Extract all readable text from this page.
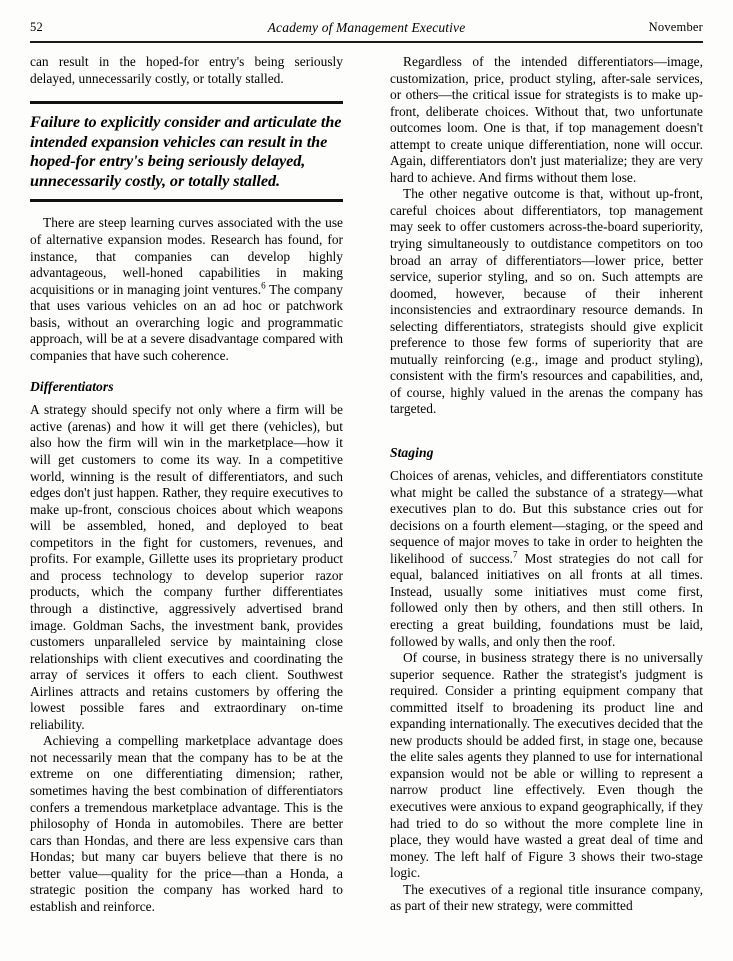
52	Academy of Management Executive	November

can result in the hoped-for entry's being seriously delayed, unnecessarily costly, or totally stalled.

Failure to explicitly consider and articulate the intended expansion vehicles can result in the hoped-for entry's being seriously delayed, unnecessarily costly, or totally stalled.

There are steep learning curves associated with the use of alternative expansion modes. Research has found, for instance, that companies can develop highly advantageous, well-honed capabilities in making acquisitions or in managing joint ventures.$^6$ The company that uses various vehicles on an ad hoc or patchwork basis, without an overarching logic and programmatic approach, will be at a severe disadvantage compared with companies that have such coherence.

Differentiators

A strategy should specify not only where a firm will be active (arenas) and how it will get there (vehicles), but also how the firm will win in the marketplace—how it will get customers to come its way. In a competitive world, winning is the result of differentiators, and such edges don't just happen. Rather, they require executives to make up-front, conscious choices about which weapons will be assembled, honed, and deployed to beat competitors in the fight for customers, revenues, and profits. For example, Gillette uses its proprietary product and process technology to develop superior razor products, which the company further differentiates through a distinctive, aggressively advertised brand image. Goldman Sachs, the investment bank, provides customers unparalleled service by maintaining close relationships with client executives and coordinating the array of services it offers to each client. Southwest Airlines attracts and retains customers by offering the lowest possible fares and extraordinary on-time reliability.

Achieving a compelling marketplace advantage does not necessarily mean that the company has to be at the extreme on one differentiating dimension; rather, sometimes having the best combination of differentiators confers a tremendous marketplace advantage. This is the philosophy of Honda in automobiles. There are better cars than Hondas, and there are less expensive cars than Hondas; but many car buyers believe that there is no better value—quality for the price—than a Honda, a strategic position the company has worked hard to establish and reinforce.

Regardless of the intended differentiators—image, customization, price, product styling, after-sale services, or others—the critical issue for strategists is to make up-front, deliberate choices. Without that, two unfortunate outcomes loom. One is that, if top management doesn't attempt to create unique differentiation, none will occur. Again, differentiators don't just materialize; they are very hard to achieve. And firms without them lose.

The other negative outcome is that, without up-front, careful choices about differentiators, top management may seek to offer customers across-the-board superiority, trying simultaneously to outdistance competitors on too broad an array of differentiators—lower price, better service, superior styling, and so on. Such attempts are doomed, however, because of their inherent inconsistencies and extraordinary resource demands. In selecting differentiators, strategists should give explicit preference to those few forms of superiority that are mutually reinforcing (e.g., image and product styling), consistent with the firm's resources and capabilities, and, of course, highly valued in the arenas the company has targeted.

Staging

Choices of arenas, vehicles, and differentiators constitute what might be called the substance of a strategy—what executives plan to do. But this substance cries out for decisions on a fourth element—staging, or the speed and sequence of major moves to take in order to heighten the likelihood of success.$^7$ Most strategies do not call for equal, balanced initiatives on all fronts at all times. Instead, usually some initiatives must come first, followed only then by others, and then still others. In erecting a great building, foundations must be laid, followed by walls, and only then the roof.

Of course, in business strategy there is no universally superior sequence. Rather the strategist's judgment is required. Consider a printing equipment company that committed itself to broadening its product line and expanding internationally. The executives decided that the new products should be added first, in stage one, because the elite sales agents they planned to use for international expansion would not be able or willing to represent a narrow product line effectively. Even though the executives were anxious to expand geographically, if they had tried to do so without the more complete line in place, they would have wasted a great deal of time and money. The left half of Figure 3 shows their two-stage logic.

The executives of a regional title insurance company, as part of their new strategy, were committed
